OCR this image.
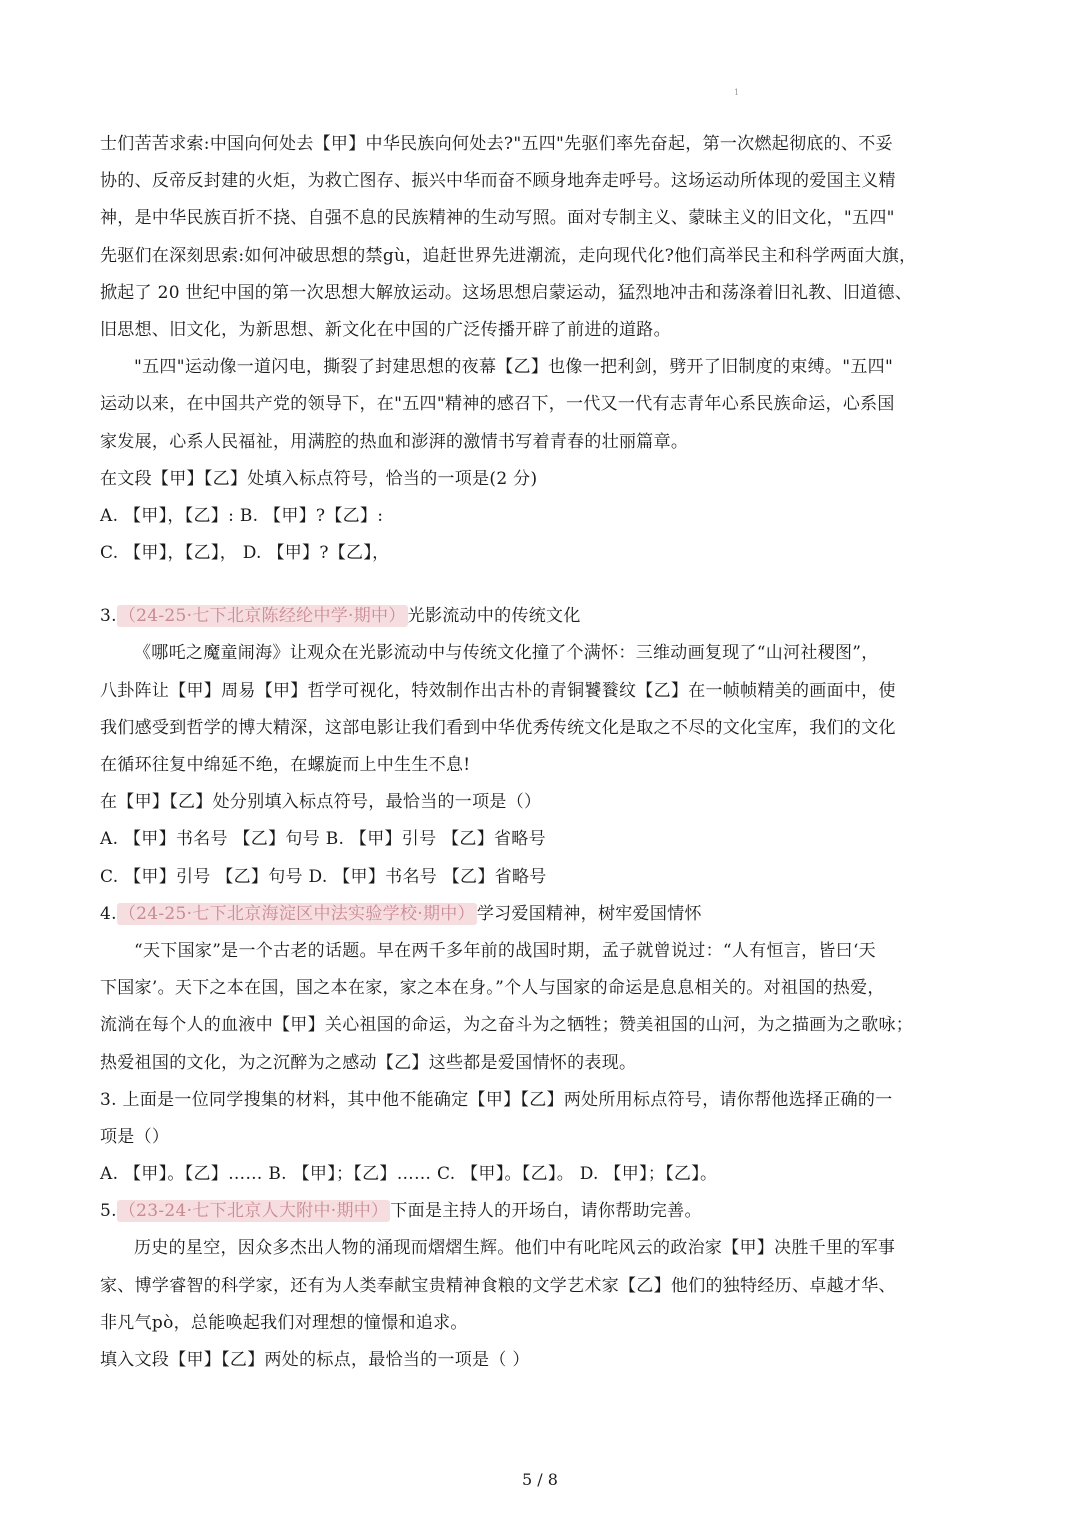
1
士们苦苦求索:中国向何处去【甲】中华民族向何处去?"五四"先驱们率先奋起，第一次燃起彻底的、不妥
协的、反帝反封建的火炬，为救亡图存、振兴中华而奋不顾身地奔走呼号。这场运动所体现的爱国主义精
神，是中华民族百折不挠、自强不息的民族精神的生动写照。面对专制主义、蒙昧主义的旧文化，"五四"
先驱们在深刻思索:如何冲破思想的禁gù，追赶世界先进潮流，走向现代化?他们高举民主和科学两面大旗，
掀起了 20 世纪中国的第一次思想大解放运动。这场思想启蒙运动，猛烈地冲击和荡涤着旧礼教、旧道德、
旧思想、旧文化，为新思想、新文化在中国的广泛传播开辟了前进的道路。
"五四"运动像一道闪电，撕裂了封建思想的夜幕【乙】也像一把利剑，劈开了旧制度的束缚。"五四"
运动以来，在中国共产党的领导下，在"五四"精神的感召下，一代又一代有志青年心系民族命运，心系国
家发展，心系人民福祉，用满腔的热血和澎湃的激情书写着青春的壮丽篇章。
在文段【甲】【乙】处填入标点符号，恰当的一项是(2 分)
A. 【甲】，【乙】: B. 【甲】?【乙】:
C. 【甲】，【乙】， D. 【甲】?【乙】，
3. （24-25·七下北京陈经纶中学·期中） 光影流动中的传统文化
《哪吒之魔童闹海》让观众在光影流动中与传统文化撞了个满怀：三维动画复现了“山河社稷图”，
八卦阵让【甲】周易【甲】哲学可视化，特效制作出古朴的青铜饕餮纹【乙】在一帧帧精美的画面中，使
我们感受到哲学的博大精深，这部电影让我们看到中华优秀传统文化是取之不尽的文化宝库，我们的文化
在循环往复中绵延不绝，在螺旋而上中生生不息!
在【甲】【乙】处分别填入标点符号，最恰当的一项是（）
A. 【甲】书名号 【乙】句号 B. 【甲】引号 【乙】省略号
C. 【甲】引号 【乙】句号 D. 【甲】书名号 【乙】省略号
4. （24-25·七下北京海淀区中法实验学校·期中） 学习爱国精神，树牢爱国情怀
“天下国家”是一个古老的话题。早在两千多年前的战国时期，孟子就曾说过：“人有恒言，皆曰‘天
下国家’。天下之本在国，国之本在家，家之本在身。”个人与国家的命运是息息相关的。对祖国的热爱，
流淌在每个人的血液中【甲】关心祖国的命运，为之奋斗为之牺牲；赞美祖国的山河，为之描画为之歌咏；
热爱祖国的文化，为之沉醉为之感动【乙】这些都是爱国情怀的表现。
3. 上面是一位同学搜集的材料，其中他不能确定【甲】【乙】两处所用标点符号，请你帮他选择正确的一
项是（）
A. 【甲】。【乙】…… B. 【甲】；【乙】…… C. 【甲】。【乙】。 D. 【甲】；【乙】。
5. （23-24·七下北京人大附中·期中） 下面是主持人的开场白，请你帮助完善。
历史的星空，因众多杰出人物的涌现而熠熠生辉。他们中有叱咤风云的政治家【甲】决胜千里的军事
家、博学睿智的科学家，还有为人类奉献宝贵精神食粮的文学艺术家【乙】他们的独特经历、卓越才华、
非凡气pò，总能唤起我们对理想的憧憬和追求。
填入文段【甲】【乙】两处的标点，最恰当的一项是（ ）
5 / 8
